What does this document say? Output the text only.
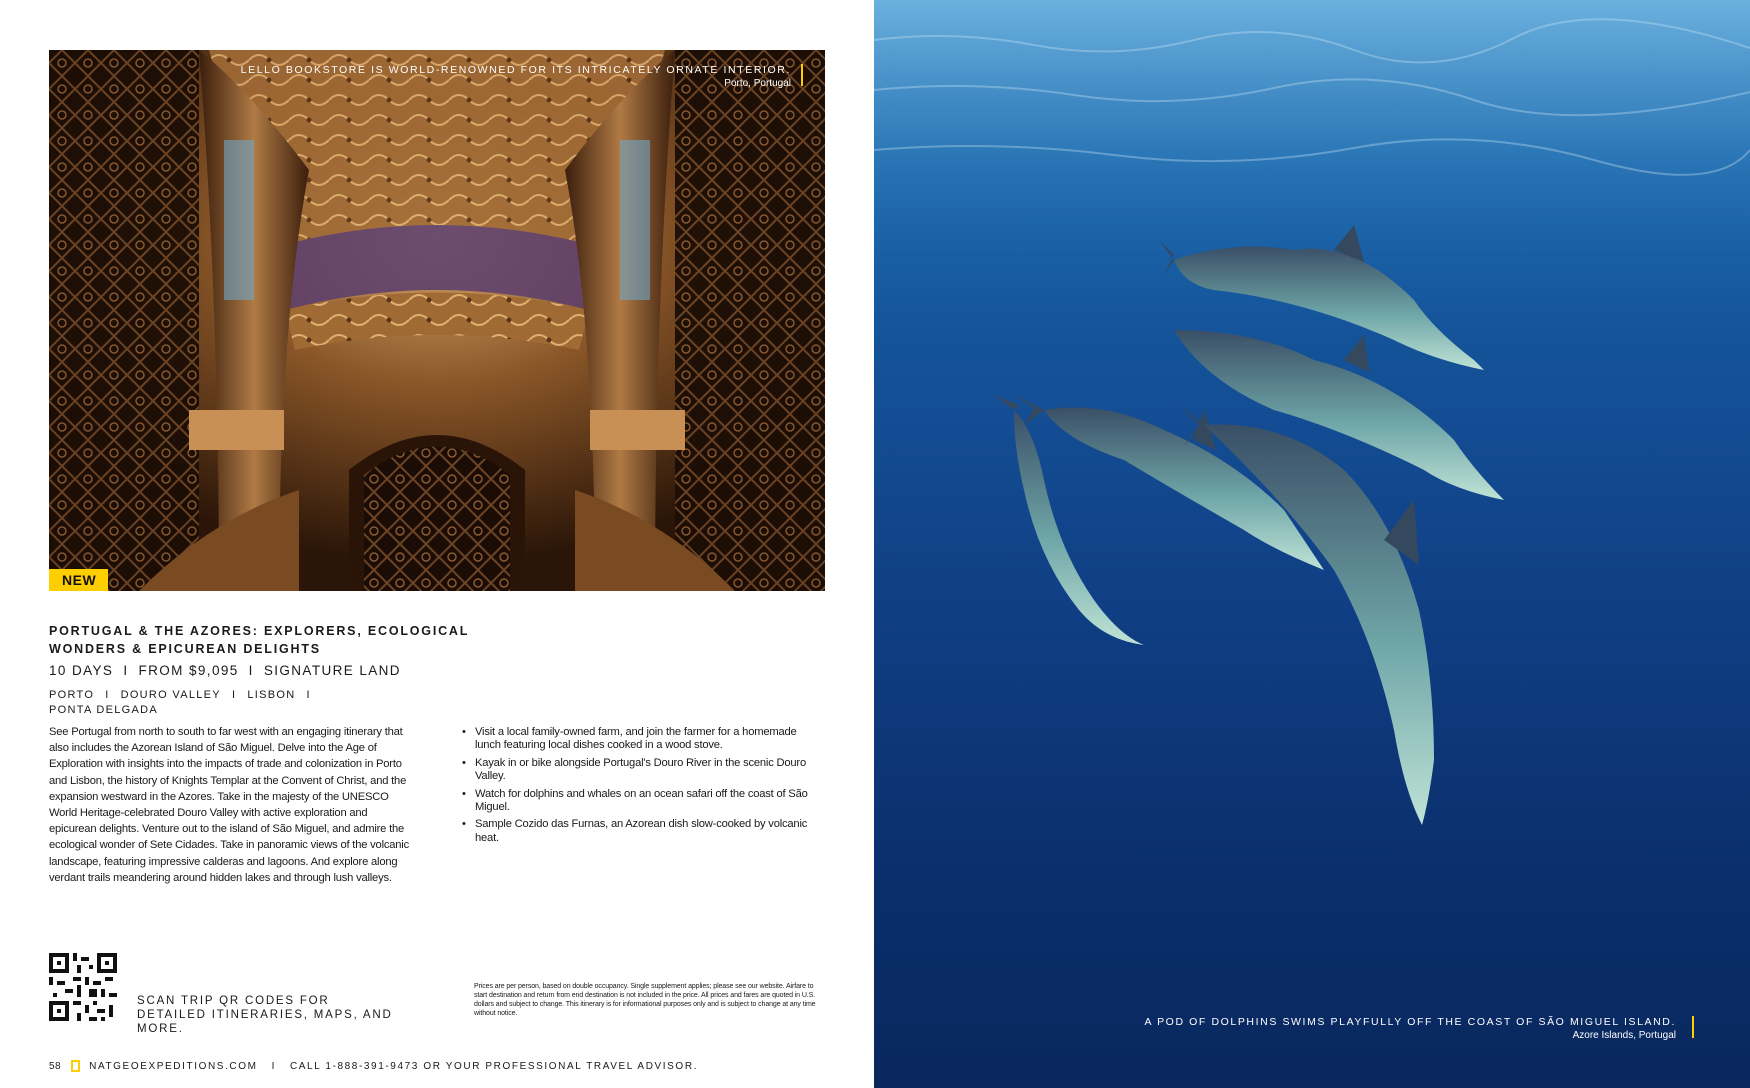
LELLO BOOKSTORE IS WORLD-RENOWNED FOR ITS INTRICATELY ORNATE INTERIOR.
Porto, Portugal
NEW
PORTUGAL & THE AZORES: EXPLORERS, ECOLOGICAL WONDERS & EPICUREAN DELIGHTS
10 DAYS I FROM $9,095 I SIGNATURE LAND
PORTO I DOURO VALLEY I LISBON I
PONTA DELGADA

See Portugal from north to south to far west with an engaging itinerary that also includes the Azorean Island of São Miguel. Delve into the Age of Exploration with insights into the impacts of trade and colonization in Porto and Lisbon, the history of Knights Templar at the Convent of Christ, and the expansion westward in the Azores. Take in the majesty of the UNESCO World Heritage-celebrated Douro Valley with active exploration and epicurean delights. Venture out to the island of São Miguel, and admire the ecological wonder of Sete Cidades. Take in panoramic views of the volcanic landscape, featuring impressive calderas and lagoons. And explore along verdant trails meandering around hidden lakes and through lush valleys.

• Visit a local family-owned farm, and join the farmer for a homemade lunch featuring local dishes cooked in a wood stove.
• Kayak in or bike alongside Portugal's Douro River in the scenic Douro Valley.
• Watch for dolphins and whales on an ocean safari off the coast of São Miguel.
• Sample Cozido das Furnas, an Azorean dish slow-cooked by volcanic heat.
SCAN TRIP QR CODES FOR DETAILED ITINERARIES, MAPS, AND MORE.
Prices are per person, based on double occupancy. Single supplement applies; please see our website. Airfare to start destination and return from end destination is not included in the price. All prices and fares are quoted in U.S. dollars and subject to change. This itinerary is for informational purposes only and is subject to change at any time without notice.
58	NATGEOEXPEDITIONS.COM I CALL 1-888-391-9473 OR YOUR PROFESSIONAL TRAVEL ADVISOR.
A POD OF DOLPHINS SWIMS PLAYFULLY OFF THE COAST OF SÃO MIGUEL ISLAND.
Azore Islands, Portugal
